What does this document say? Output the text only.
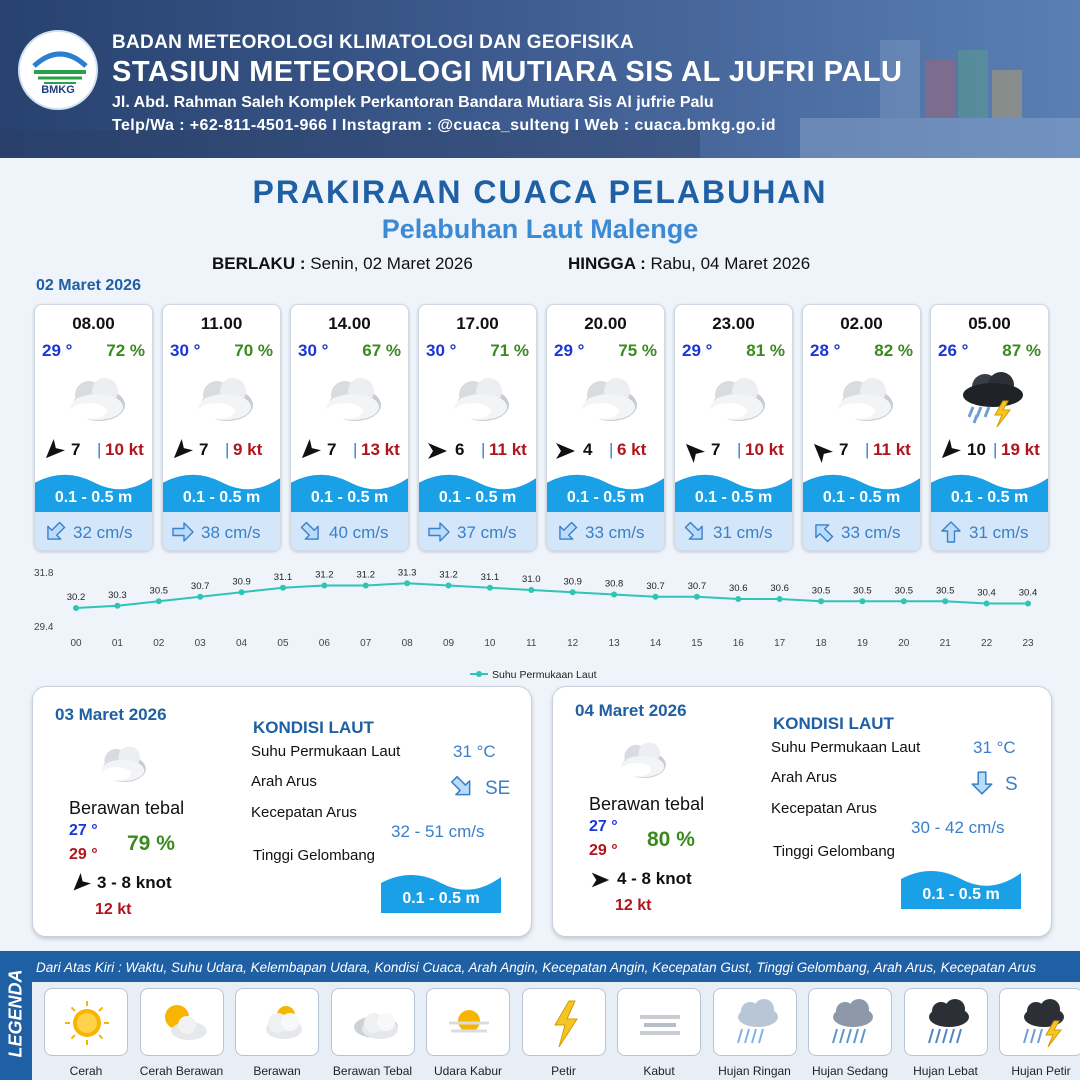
BMKG
BADAN METEOROLOGI KLIMATOLOGI DAN GEOFISIKA
STASIUN METEOROLOGI MUTIARA SIS AL JUFRI PALU
Jl. Abd. Rahman Saleh Komplek Perkantoran Bandara Mutiara Sis Al jufrie Palu
Telp/Wa : +62-811-4501-966 I Instagram : @cuaca_sulteng I Web : cuaca.bmkg.go.id
PRAKIRAAN CUACA PELABUHAN
Pelabuhan Laut Malenge
BERLAKU : Senin, 02 Maret 2026	HINGGA : Rabu, 04 Maret 2026
02 Maret 2026
08.00
29 ° 72 %
7 | 10 kt
0.1 - 0.5 m
32 cm/s
11.00
30 ° 70 %
7 | 9 kt
0.1 - 0.5 m
38 cm/s
14.00
30 ° 67 %
7 | 13 kt
0.1 - 0.5 m
40 cm/s
17.00
30 ° 71 %
6 | 11 kt
0.1 - 0.5 m
37 cm/s
20.00
29 ° 75 %
4 | 6 kt
0.1 - 0.5 m
33 cm/s
23.00
29 ° 81 %
7 | 10 kt
0.1 - 0.5 m
31 cm/s
02.00
28 ° 82 %
7 | 11 kt
0.1 - 0.5 m
33 cm/s
05.00
26 ° 87 %
10 | 19 kt
0.1 - 0.5 m
31 cm/s
31.8
29.4
30.2
00
30.3
01
30.5
02
30.7
03
30.9
04
31.1
05
31.2
06
31.2
07
31.3
08
31.2
09
31.1
10
31.0
11
30.9
12
30.8
13
30.7
14
30.7
15
30.6
16
30.6
17
30.5
18
30.5
19
30.5
20
30.5
21
30.4
22
30.4
23
Suhu Permukaan Laut
03 Maret 2026
Berawan tebal
27 °
29 ° 79 %
3 - 8 knot
12 kt
KONDISI LAUT
Suhu Permukaan Laut	31 °C
Arah Arus	SE
Kecepatan Arus
32 - 51 cm/s
Tinggi Gelombang
0.1 - 0.5 m
04 Maret 2026
Berawan tebal
27 °
29 ° 80 %
4 - 8 knot
12 kt
KONDISI LAUT
Suhu Permukaan Laut	31 °C
Arah Arus	S
Kecepatan Arus
30 - 42 cm/s
Tinggi Gelombang
0.1 - 0.5 m
LEGENDA
Dari Atas Kiri : Waktu, Suhu Udara, Kelembapan Udara, Kondisi Cuaca, Arah Angin, Kecepatan Angin, Kecepatan Gust, Tinggi Gelombang, Arah Arus, Kecepatan Arus
Cerah	Cerah Berawan	Berawan	Berawan Tebal	Udara Kabur	Petir	Kabut	Hujan Ringan	Hujan Sedang	Hujan Lebat	Hujan Petir
